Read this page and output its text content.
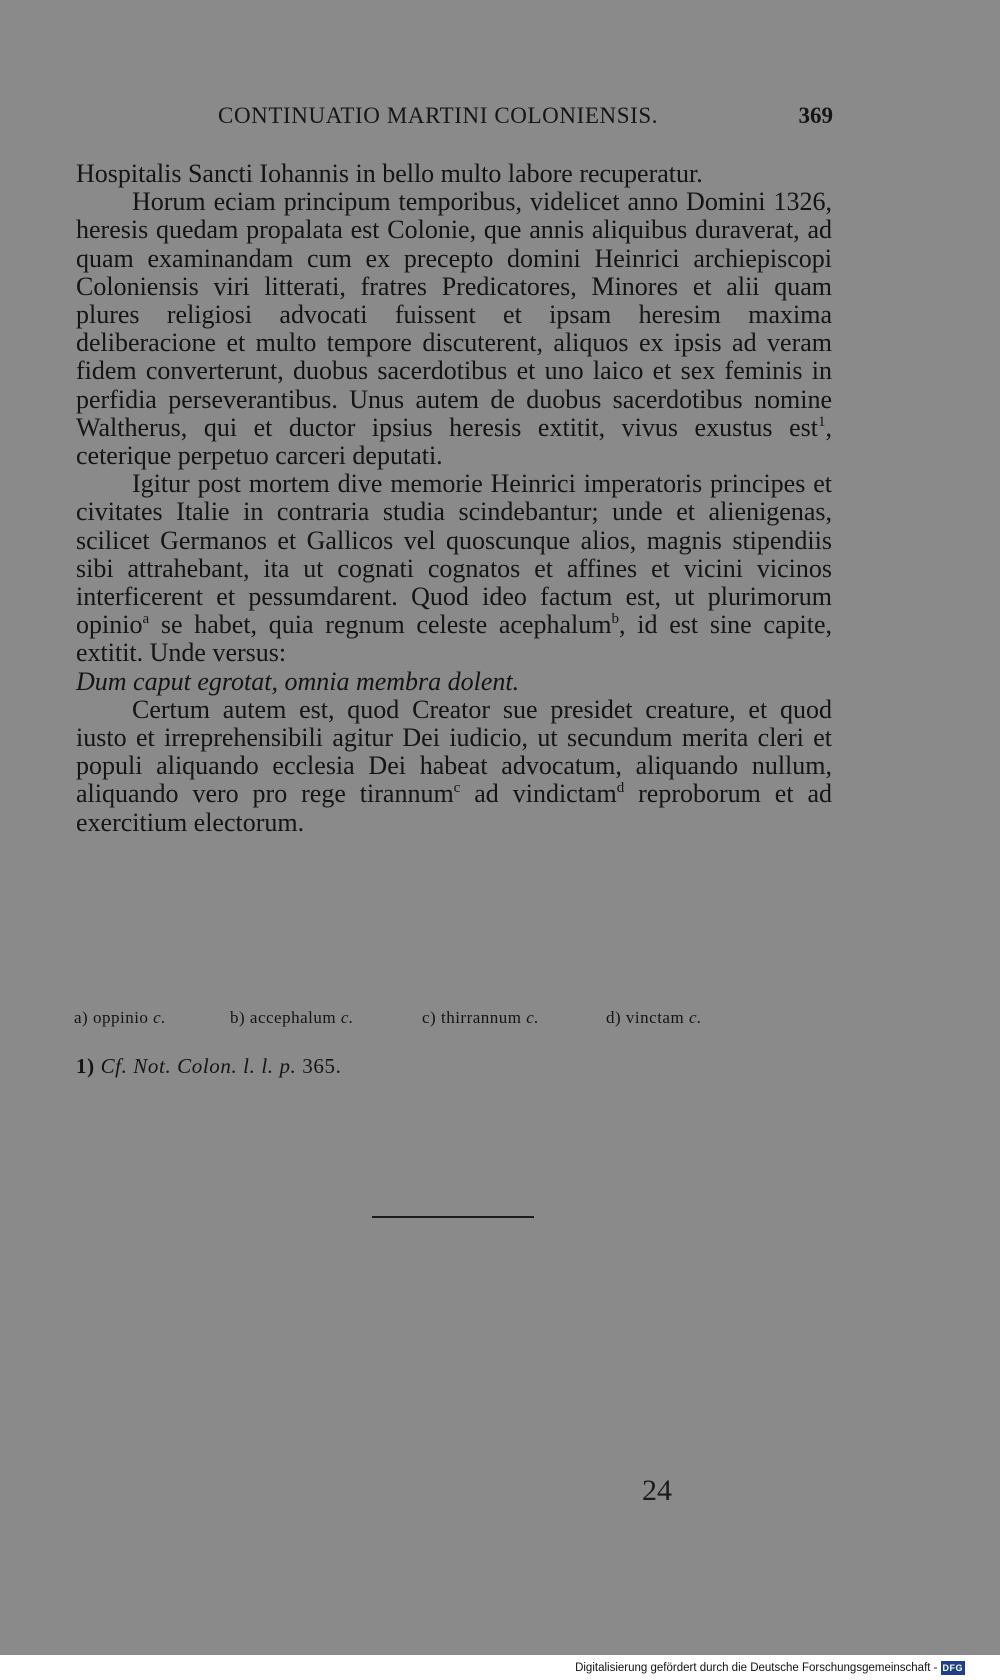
CONTINUATIO MARTINI COLONIENSIS.	369

Hospitalis Sancti Iohannis in bello multo labore recuperatur.

Horum eciam principum temporibus, videlicet anno Domini 1326, heresis quedam propalata est Colonie, que annis aliquibus duraverat, ad quam examinandam cum ex precepto domini Heinrici archiepiscopi Coloniensis viri litterati, fratres Predicatores, Minores et alii quam plures religiosi advocati fuissent et ipsam heresim maxima deliberacione et multo tempore discuterent, aliquos ex ipsis ad veram fidem converterunt, duobus sacerdotibus et uno laico et sex feminis in perfidia perseverantibus. Unus autem de duobus sacerdotibus nomine Waltherus, qui et ductor ipsius heresis extitit, vivus exustus est$^1$, ceterique perpetuo carceri deputati.

Igitur post mortem dive memorie Heinrici imperatoris principes et civitates Italie in contraria studia scindebantur; unde et alienigenas, scilicet Germanos et Gallicos vel quoscunque alios, magnis stipendiis sibi attrahebant, ita ut cognati cognatos et affines et vicini vicinos interficerent et pessumdarent. Quod ideo factum est, ut plurimorum opinio$^a$ se habet, quia regnum celeste acephalum$^b$, id est sine capite, extitit. Unde versus:

Dum caput egrotat, omnia membra dolent.

Certum autem est, quod Creator sue presidet creature, et quod iusto et irreprehensibili agitur Dei iudicio, ut secundum merita cleri et populi aliquando ecclesia Dei habeat advocatum, aliquando nullum, aliquando vero pro rege tirannum$^c$ ad vindictam$^d$ reproborum et ad exercitium electorum.

a) oppinio c.	b) accephalum c.	c) thirrannum c.	d) vinctam c.
1) Cf. Not. Colon. l. l. p. 365.
24
Digitalisierung gefördert durch die Deutsche Forschungsgemeinschaft - DFG
